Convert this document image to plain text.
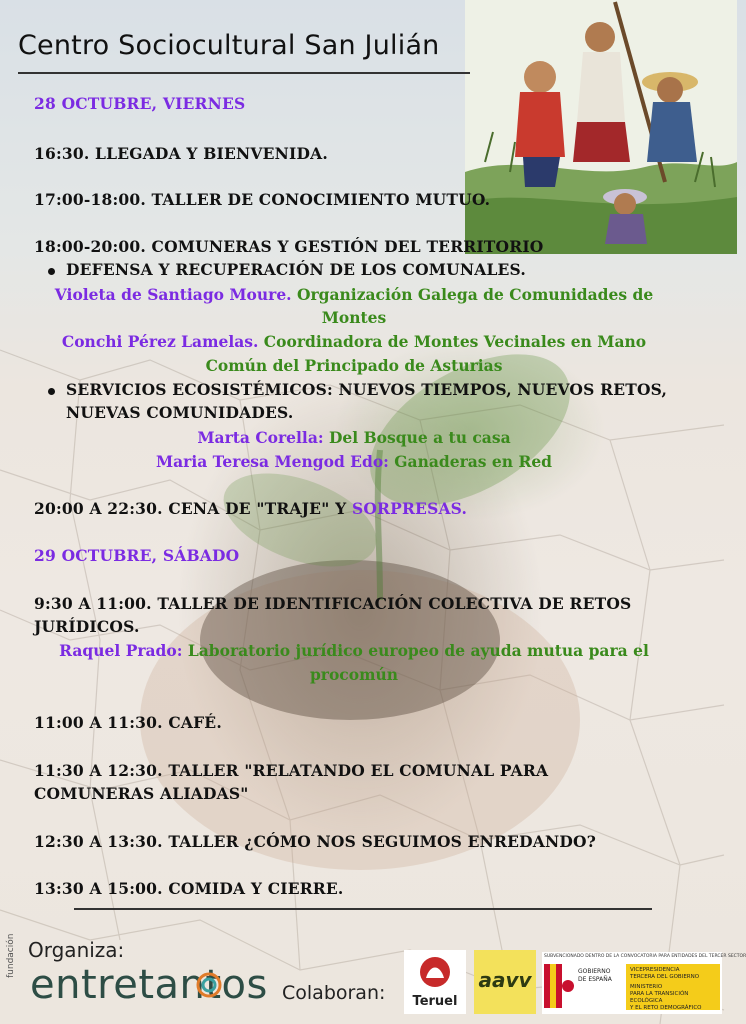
Centro Sociocultural San Julián
28 OCTUBRE, VIERNES
16:30. LLEGADA Y BIENVENIDA.
17:00-18:00. TALLER DE CONOCIMIENTO MUTUO.
18:00-20:00. COMUNERAS Y GESTIÓN DEL TERRITORIO
DEFENSA Y RECUPERACIÓN DE LOS COMUNALES.
Violeta de Santiago Moure. Organización Galega de Comunidades de
Montes
Conchi Pérez Lamelas. Coordinadora de Montes Vecinales en Mano
Común del Principado de Asturias
SERVICIOS ECOSISTÉMICOS: NUEVOS TIEMPOS, NUEVOS RETOS,
NUEVAS COMUNIDADES.
Marta Corella: Del Bosque a tu casa
Maria Teresa Mengod Edo: Ganaderas en Red
20:00 A 22:30. CENA DE "TRAJE" Y SORPRESAS.
29 OCTUBRE, SÁBADO
9:30 A 11:00. TALLER DE IDENTIFICACIÓN COLECTIVA DE RETOS
JURÍDICOS.
Raquel Prado: Laboratorio jurídico europeo de ayuda mutua para el
procomún
11:00 A 11:30. CAFÉ.
11:30 A 12:30. TALLER "RELATANDO EL COMUNAL PARA
COMUNERAS ALIADAS"
12:30 A 13:30. TALLER ¿CÓMO NOS SEGUIMOS ENREDANDO?
13:30 A 15:00. COMIDA Y CIERRE.
Organiza:
fundación
entretantos Colaboran:	Teruel
aavv
SUBVENCIONADO DENTRO DE LA CONVOCATORIA PARA ENTIDADES DEL TERCER SECTOR
GOBIERNO
DE ESPAÑA
VICEPRESIDENCIA
TERCERA DEL GOBIERNO
MINISTERIO
PARA LA TRANSICIÓN ECOLÓGICA
Y EL RETO DEMOGRÁFICO
